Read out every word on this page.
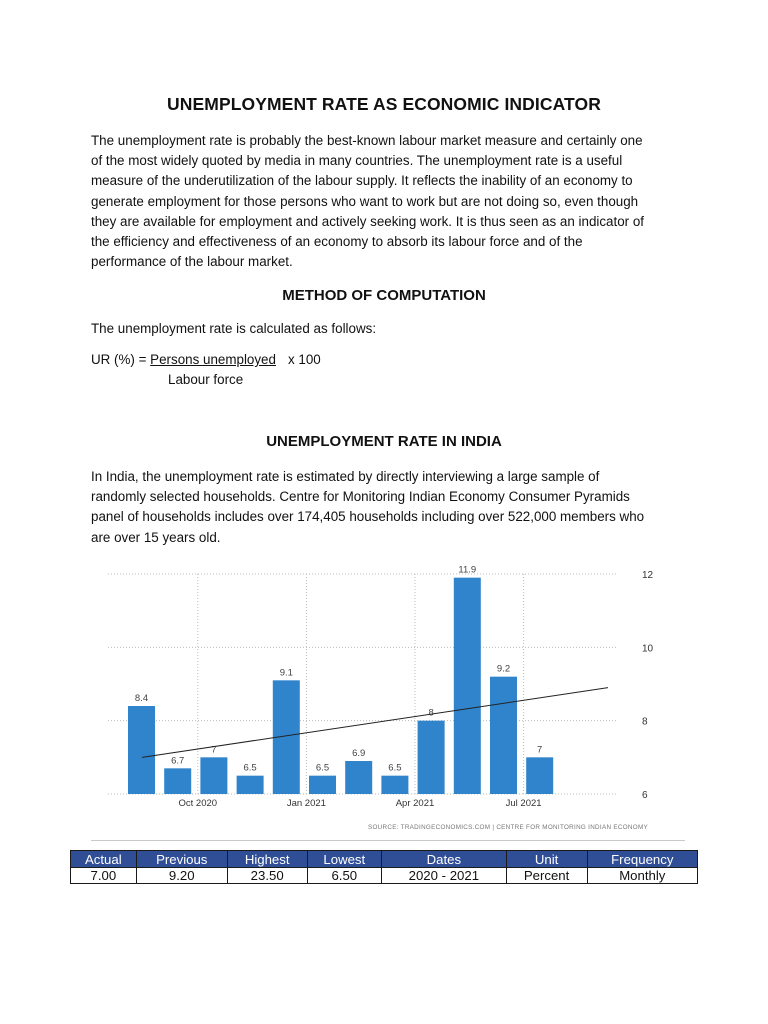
UNEMPLOYMENT RATE AS ECONOMIC INDICATOR
The unemployment rate is probably the best-known labour market measure and certainly one
of the most widely quoted by media in many countries. The unemployment rate is a useful
measure of the underutilization of the labour supply. It reflects the inability of an economy to
generate employment for those persons who want to work but are not doing so, even though
they are available for employment and actively seeking work. It is thus seen as an indicator of
the efficiency and effectiveness of an economy to absorb its labour force and of the
performance of the labour market.
METHOD OF COMPUTATION
The unemployment rate is calculated as follows:
UR (%) = Persons unemployed x 100
Labour force
UNEMPLOYMENT RATE IN INDIA
In India, the unemployment rate is estimated by directly interviewing a large sample of
randomly selected households. Centre for Monitoring Indian Economy Consumer Pyramids
panel of households includes over 174,405 households including over 522,000 members who
are over 15 years old.
6
8
10
12
8.4
6.7
7
6.5
9.1
6.5
6.9
6.5
8
11.9
9.2
7
Oct 2020	Jan 2021	Apr 2021	Jul 2021
SOURCE: TRADINGECONOMICS.COM | CENTRE FOR MONITORING INDIAN ECONOMY
Actual	Previous	Highest	Lowest	Dates	Unit	Frequency
7.00	9.20	23.50	6.50	2020 - 2021	Percent	Monthly
